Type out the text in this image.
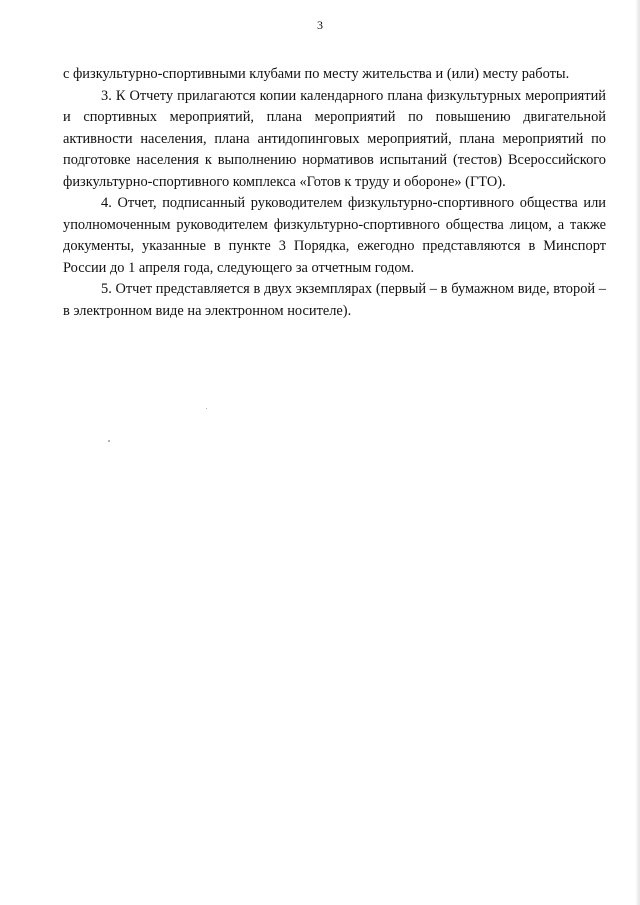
3

с физкультурно-спортивными клубами по месту жительства и (или) месту работы.

3. К Отчету прилагаются копии календарного плана физкультурных мероприятий и спортивных мероприятий, плана мероприятий по повышению двигательной активности населения, плана антидопинговых мероприятий, плана мероприятий по подготовке населения к выполнению нормативов испытаний (тестов) Всероссийского физкультурно-спортивного комплекса «Готов к труду и обороне» (ГТО).

4. Отчет, подписанный руководителем физкультурно-спортивного общества или уполномоченным руководителем физкультурно-спортивного общества лицом, а также документы, указанные в пункте 3 Порядка, ежегодно представляются в Минспорт России до 1 апреля года, следующего за отчетным годом.

5. Отчет представляется в двух экземплярах (первый – в бумажном виде, второй – в электронном виде на электронном носителе).
